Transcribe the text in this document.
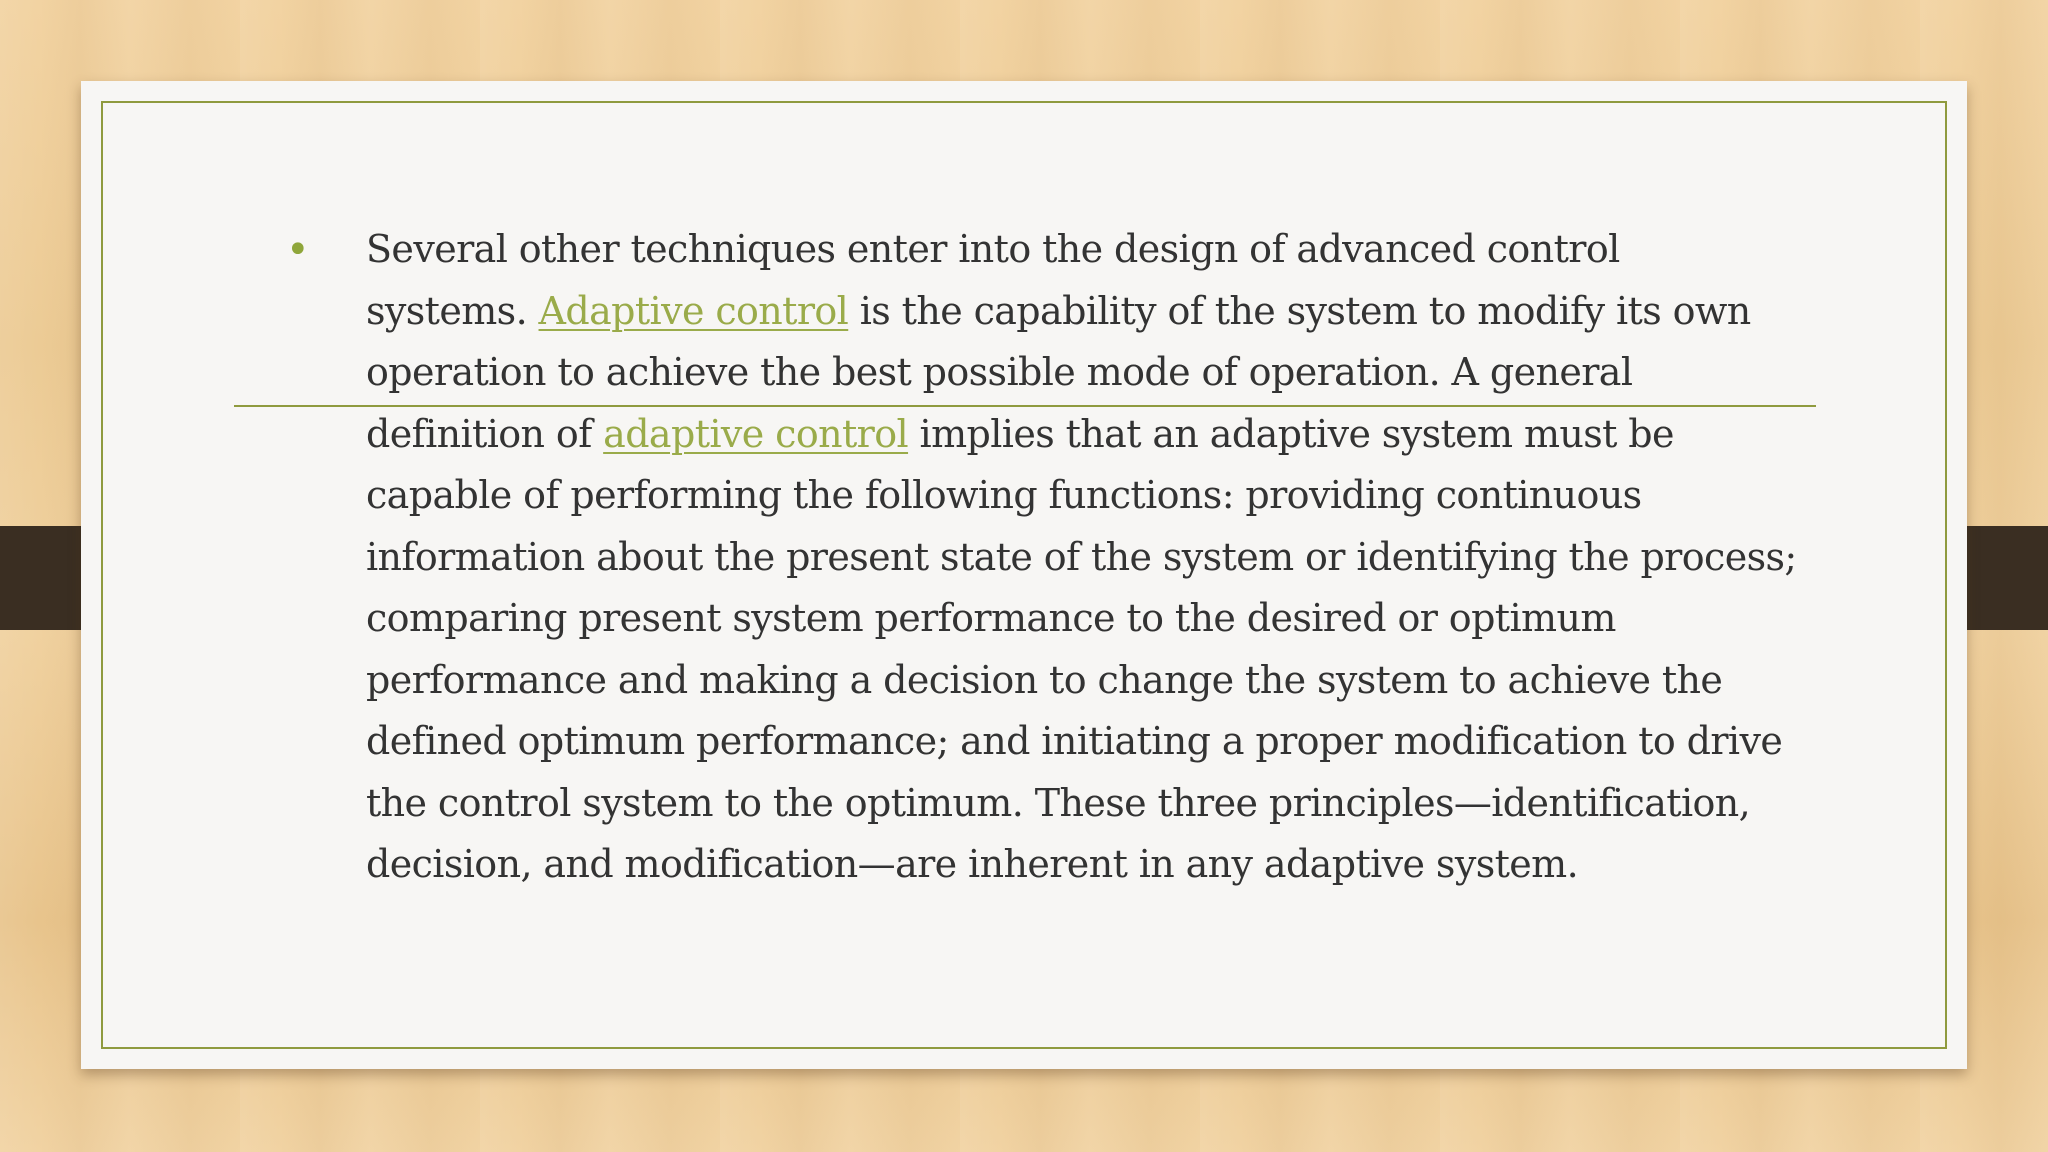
• Several other techniques enter into the design of advanced control
systems. Adaptive control is the capability of the system to modify its own
operation to achieve the best possible mode of operation. A general
definition of adaptive control implies that an adaptive system must be
capable of performing the following functions: providing continuous
information about the present state of the system or identifying the process;
comparing present system performance to the desired or optimum
performance and making a decision to change the system to achieve the
defined optimum performance; and initiating a proper modification to drive
the control system to the optimum. These three principles—identification,
decision, and modification—are inherent in any adaptive system.
